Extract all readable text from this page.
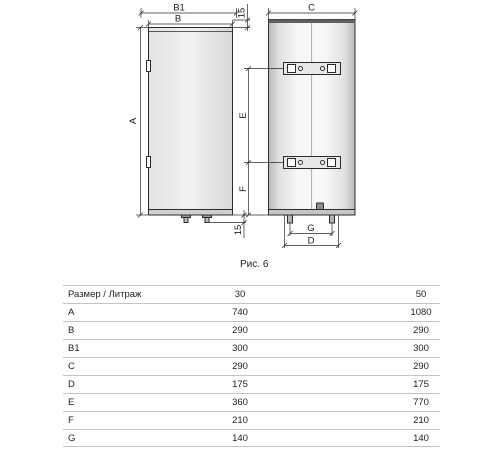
B1
B
15
A
15
C
E
F
G
D
Рис. 6
Размер / Литраж	30	50
A	740	1080
B	290	290
B1	300	300
C	290	290
D	175	175
E	360	770
F	210	210
G	140	140
